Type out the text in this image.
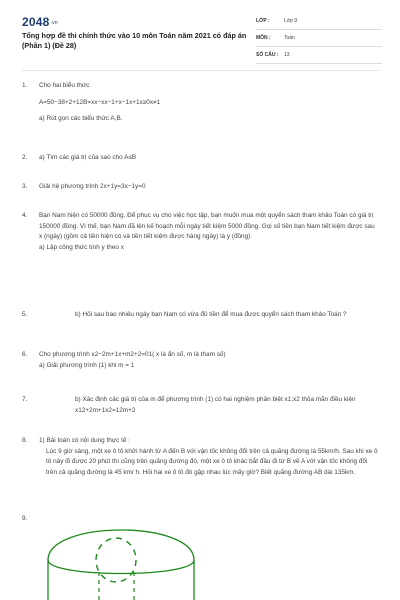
2048.vn
Tổng hợp đề thi chính thức vào 10 môn Toán năm 2021 có đáp án (Phần 1) (Đề 28)
LỚP :	Lớp 9
MÔN :	Toán
SỐ CÂU : 13
1. Cho hai biểu thức

A=50−38+2+12B=xx−xx−1+x−1x+1x≥0x≠1

a) Rút gọn các biểu thức A,B.

2. a) Tìm các giá trị của sao cho A≤B

3. Giải hệ phương trình 2x+1y=3x−1y=0

4. Bạn Nam hiện có 50000 đồng. Để phục vụ cho việc học tập, bạn muốn mua một quyển sách tham khảo Toán có giá trị 150000 đồng. Vì thế, bạn Nam đã lên kế hoạch mỗi ngày tiết kiệm 5000 đồng. Gọi số tiền bạn Nam tiết kiệm được sau x (ngày) (gồm cả tiền hiện có và tiền tiết kiệm được hàng ngày) là y (đồng)

a) Lập công thức tính y theo x

5.	b) Hỏi sau bao nhiêu ngày bạn Nam có vừa đủ tiền để mua được quyển sách tham khảo Toán ?

6. Cho phương trình x2−2m+1x+m2+2=01( x là ẩn số, m là tham số)

a) Giải phương trình (1) khi m = 1

7.	b) Xác định các giá trị của m để phương trình (1) có hai nghiệm phân biệt x1;x2 thỏa mãn điều kiện x12+2m+1x2=12m+2

8. 1) Bài toán có nội dung thực tế :

Lúc 9 giờ sáng, một xe ô tô khởi hành từ A đến B với vận tốc không đổi trên cả quãng đường là 55km/h. Sau khi xe ô tô này đi được 20 phút thì cũng trên quãng đường đó, một xe ô tô khác bắt đầu đi từ B về A với vận tốc không đổi trên cả quãng đường là 45 km/ h. Hỏi hai xe ô tô đó gặp nhau lúc mấy giờ? Biết quãng đường AB dài 135km.

9.
